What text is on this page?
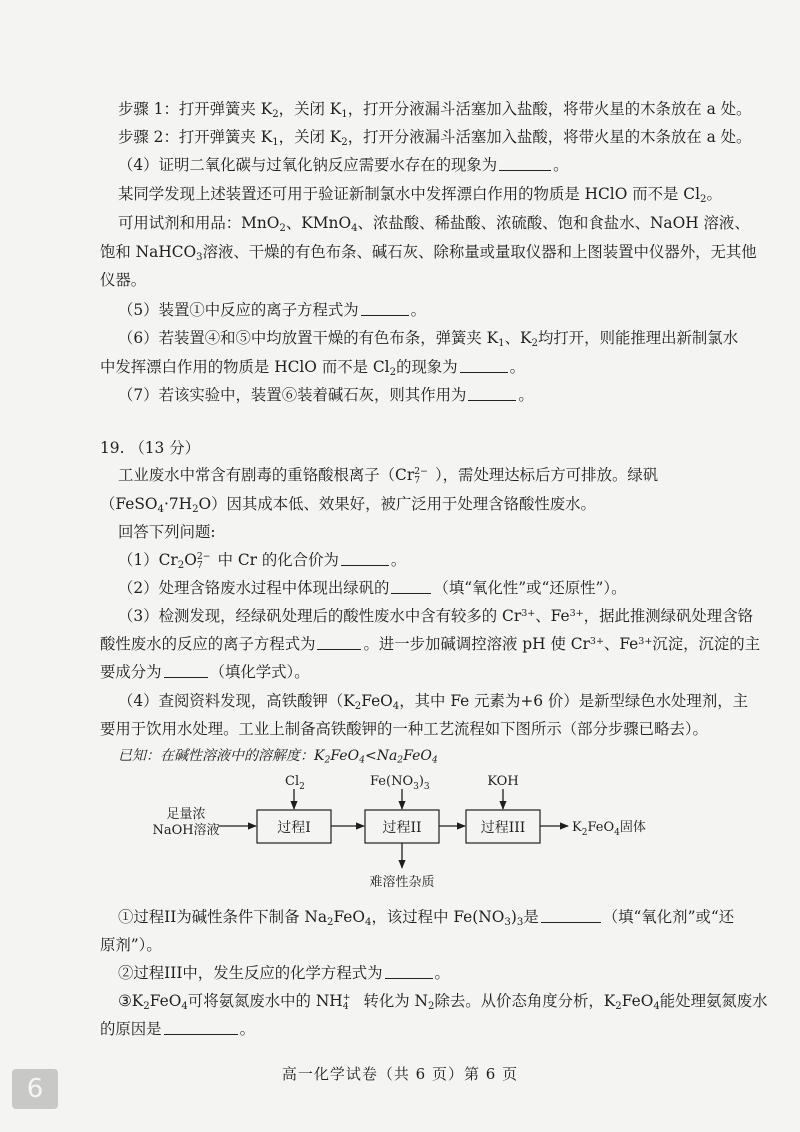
步骤 1：打开弹簧夹 $K_2$，关闭 $K_1$，打开分液漏斗活塞加入盐酸，将带火星的木条放在 a 处。
步骤 2：打开弹簧夹 $K_1$，关闭 $K_2$，打开分液漏斗活塞加入盐酸，将带火星的木条放在 a 处。
（4）证明二氧化碳与过氧化钠反应需要水存在的现象为	。
某同学发现上述装置还可用于验证新制氯水中发挥漂白作用的物质是 HClO 而不是 $Cl_2$。
可用试剂和用品：MnO$_2$、KMnO$_4$、浓盐酸、稀盐酸、浓硫酸、饱和食盐水、NaOH 溶液、
饱和 NaHCO$_3$溶液、干燥的有色布条、碱石灰、除称量或量取仪器和上图装置中仪器外，无其他
仪器。
（5）装置①中反应的离子方程式为	。
（6）若装置④和⑤中均放置干燥的有色布条，弹簧夹 $K_1$、$K_2$均打开，则能推理出新制氯水
中发挥漂白作用的物质是 HClO 而不是 $Cl_2$的现象为	。
（7）若该实验中，装置⑥装着碱石灰，则其作用为	。
19. （13 分）
工业废水中常含有剧毒的重铬酸根离子（Cr 2−
7 ），需处理达标后方可排放。绿矾
$(FeSO_4\cdot 7H_2O)$因其成本低、效果好，被广泛用于处理含铬酸性废水。
回答下列问题:
$(1)Cr_2O$ 2−
7 中 Cr 的化合价为	。
（2）处理含铬废水过程中体现出绿矾的	（填“氧化性”或“还原性”）。
（3）检测发现，经绿矾处理后的酸性废水中含有较多的 $Cr^{3+}$、$Fe^{3+}$，据此推测绿矾处理含铬
酸性废水的反应的离子方程式为	。进一步加碱调控溶液 pH 使 $Cr^{3+}$、$Fe^{3+}$沉淀，沉淀的主
要成分为	（填化学式）。
（4）查阅资料发现，高铁酸钾（$K_2FeO_4$，其中 Fe 元素为+6 价）是新型绿色水处理剂，主
要用于饮用水处理。工业上制备高铁酸钾的一种工艺流程如下图所示（部分步骤已略去）。
已知：在碱性溶液中的溶解度：$K_2FeO_4<Na_2FeO_4$
足量浓
NaOH溶液	过程I
$Cl_2$
过程II
$Fe(NO_3)_3$
难溶性杂质
过程III
KOH
$K_2FeO_4$固体
①过程II为碱性条件下制备 $Na_2FeO_4$，该过程中 $Fe(NO_3)_3$是	（填“氧化剂”或“还
原剂”）。
②过程III中，发生反应的化学方程式为	。
$③K_2FeO_4$可将氨氮废水中的 NH +
4 转化为 $N_2$除去。从价态角度分析，$K_2FeO_4$能处理氨氮废水
的原因是	。
高一化学试卷（共 6 页）第 6 页
6
